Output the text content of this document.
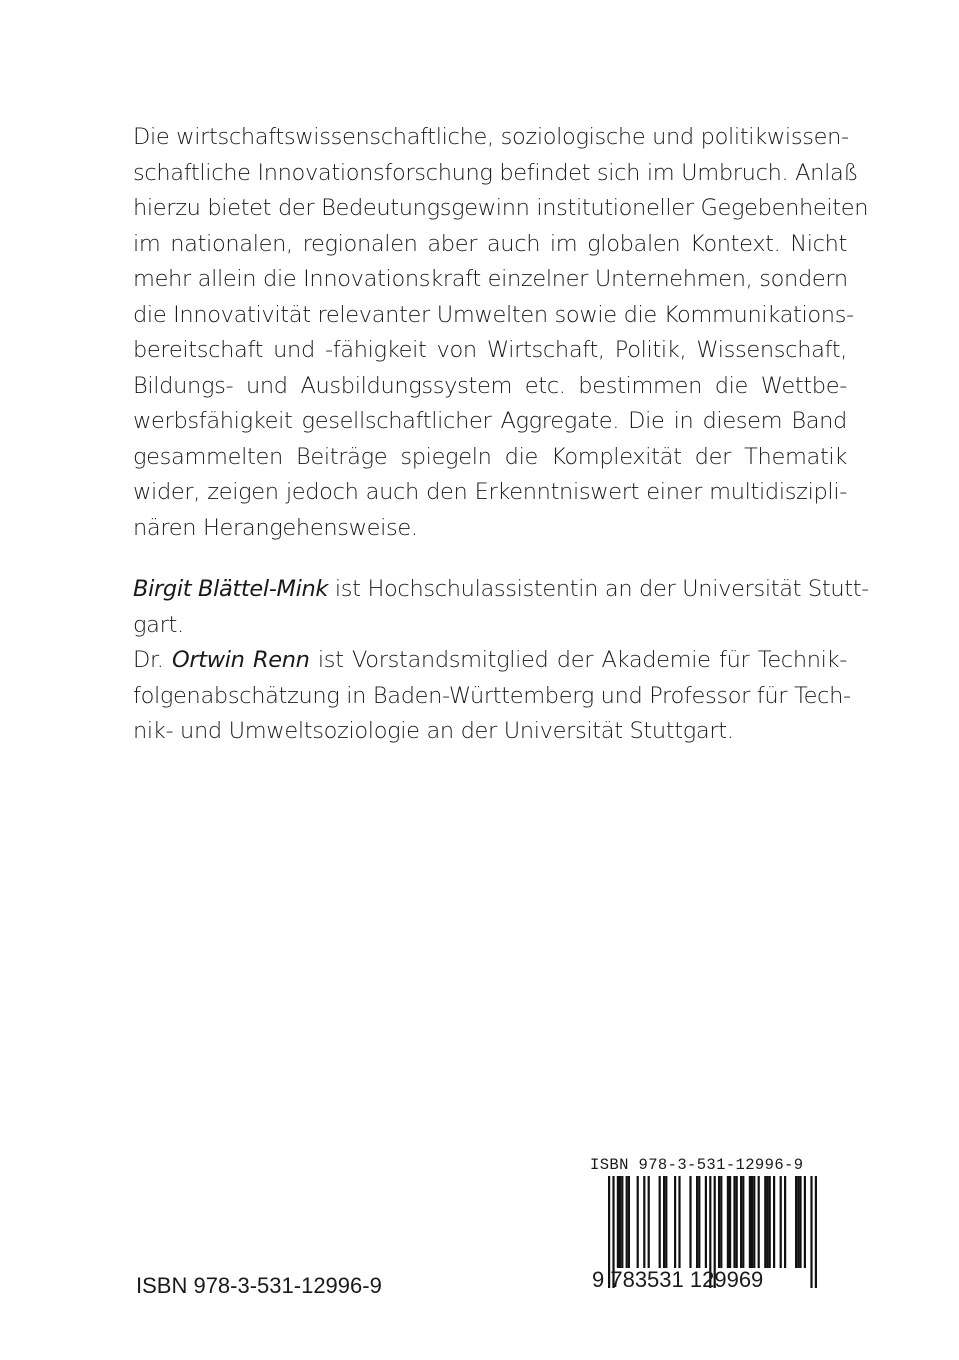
Die wirtschaftswissenschaftliche, soziologische und politikwissen-
schaftliche Innovationsforschung befindet sich im Umbruch. Anlaß
hierzu bietet der Bedeutungsgewinn institutioneller Gegebenheiten
im nationalen, regionalen aber auch im globalen Kontext. Nicht
mehr allein die Innovationskraft einzelner Unternehmen, sondern
die Innovativität relevanter Umwelten sowie die Kommunikations-
bereitschaft und -fähigkeit von Wirtschaft, Politik, Wissenschaft,
Bildungs- und Ausbildungssystem etc. bestimmen die Wettbe-
werbsfähigkeit gesellschaftlicher Aggregate. Die in diesem Band
gesammelten Beiträge spiegeln die Komplexität der Thematik
wider, zeigen jedoch auch den Erkenntniswert einer multidiszipli-
nären Herangehensweise.
Birgit Blättel-Mink ist Hochschulassistentin an der Universität Stutt-
gart.
Dr. Ortwin Renn ist Vorstandsmitglied der Akademie für Technik-
folgenabschätzung in Baden-Württemberg und Professor für Tech-
nik- und Umweltsoziologie an der Universität Stuttgart.
ISBN 978-3-531-12996-9
ISBN 978-3-531-12996-9
9 783531 129969
